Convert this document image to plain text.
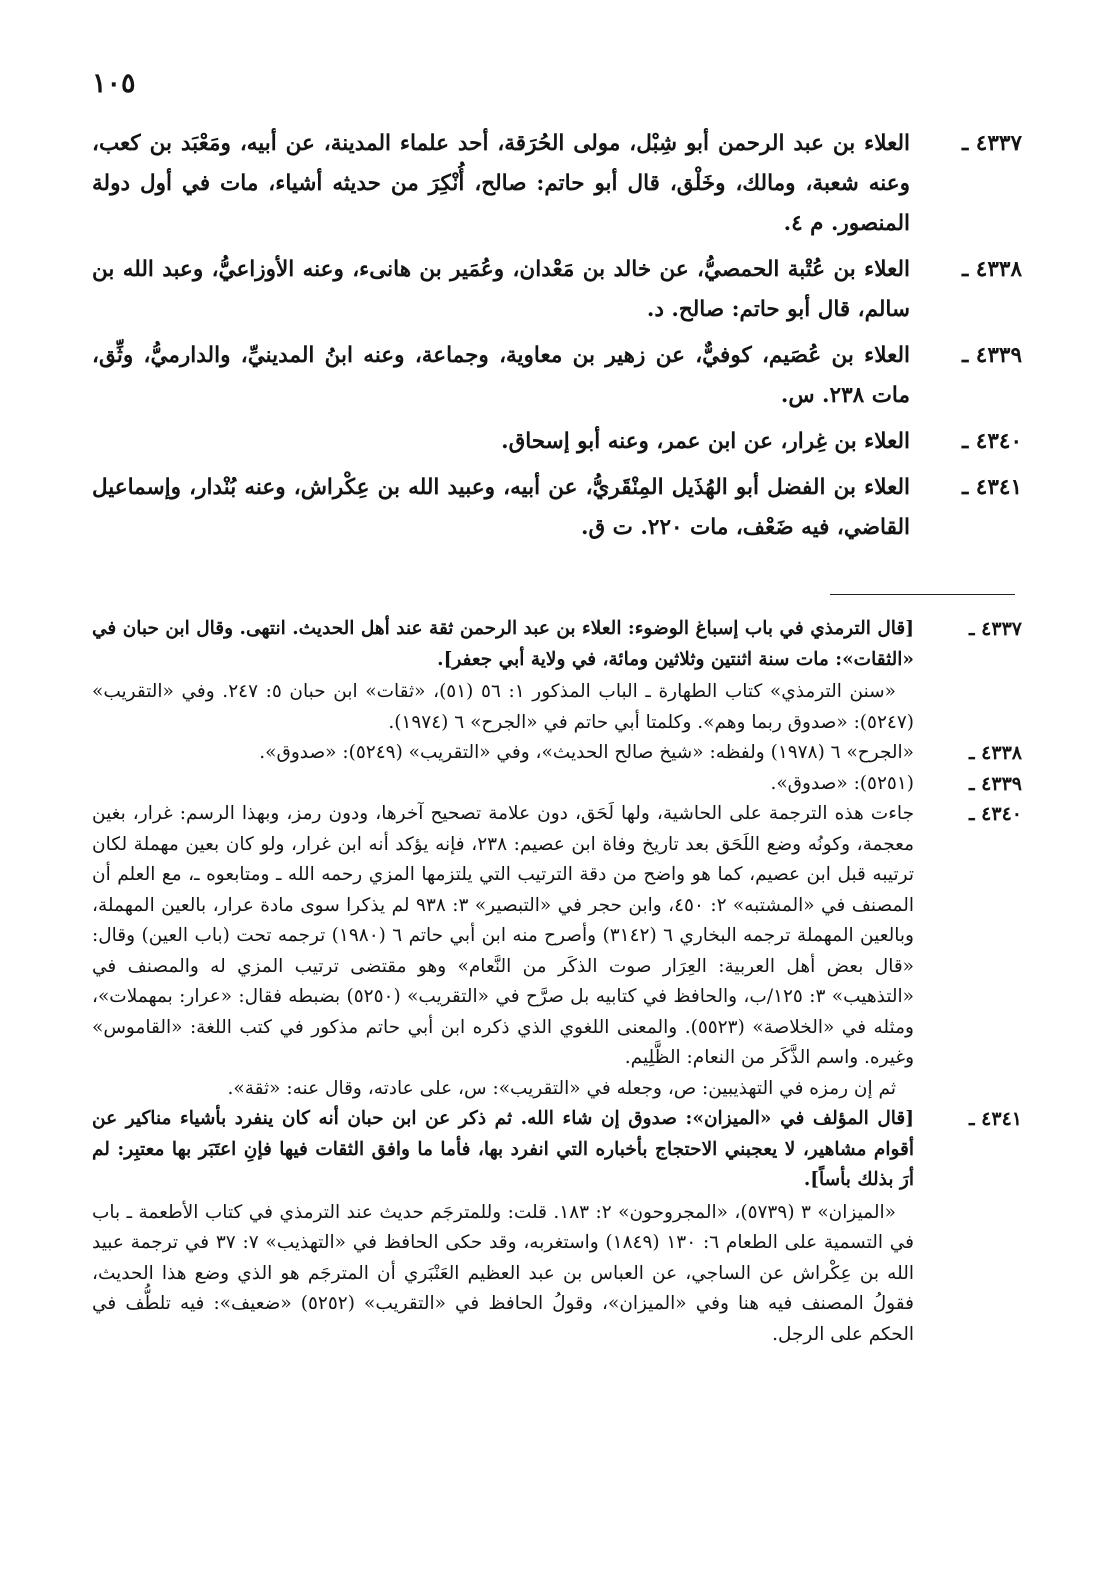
١٠٥
٤٣٣٧ ـ
العلاء بن عبد الرحمن أبو شِبْل، مولى الحُرَقة، أحد علماء المدينة، عن أبيه، ومَعْبَد بن كعب، وعنه شعبة، ومالك، وخَلْق، قال أبو حاتم: صالح، أُنْكِرَ من حديثه أشياء، مات في أول دولة المنصور. م ٤.
٤٣٣٨ ـ
العلاء بن عُتْبة الحمصيُّ، عن خالد بن مَعْدان، وعُمَير بن هانىء، وعنه الأوزاعيُّ، وعبد الله بن سالم، قال أبو حاتم: صالح. د.
٤٣٣٩ ـ
العلاء بن عُصَيم، كوفيٌّ، عن زهير بن معاوية، وجماعة، وعنه ابنُ المدينيِّ، والدارميُّ، وثِّق، مات ٢٣٨. س.
٤٣٤٠ ـ
العلاء بن غِرار، عن ابن عمر، وعنه أبو إسحاق.
٤٣٤١ ـ
العلاء بن الفضل أبو الهُذَيل المِنْقَريُّ، عن أبيه، وعبيد الله بن عِكْراش، وعنه بُنْدار، وإسماعيل القاضي، فيه ضَعْف، مات ٢٢٠. ت ق.
٤٣٣٧ ـ

[قال الترمذي في باب إسباغ الوضوء: العلاء بن عبد الرحمن ثقة عند أهل الحديث. انتهى. وقال ابن حبان في «الثقات»: مات سنة اثنتين وثلاثين ومائة، في ولاية أبي جعفر].

«سنن الترمذي» كتاب الطهارة ـ الباب المذكور ١: ٥٦ (٥١)، «ثقات» ابن حبان ٥: ٢٤٧. وفي «التقريب» (٥٢٤٧): «صدوق ربما وهم». وكلمتا أبي حاتم في «الجرح» ٦ (١٩٧٤).

٤٣٣٨ ـ

«الجرح» ٦ (١٩٧٨) ولفظه: «شيخ صالح الحديث»، وفي «التقريب» (٥٢٤٩): «صدوق».

٤٣٣٩ ـ

(٥٢٥١): «صدوق».

٤٣٤٠ ـ

جاءت هذه الترجمة على الحاشية، ولها لَحَق، دون علامة تصحيح آخرها، ودون رمز، وبهذا الرسم: غرار، بغين معجمة، وكونُه وضع اللَحَق بعد تاريخ وفاة ابن عصيم: ٢٣٨، فإنه يؤكد أنه ابن غرار، ولو كان بعين مهملة لكان ترتيبه قبل ابن عصيم، كما هو واضح من دقة الترتيب التي يلتزمها المزي رحمه الله ـ ومتابعوه ـ، مع العلم أن المصنف في «المشتبه» ٢: ٤٥٠، وابن حجر في «التبصير» ٣: ٩٣٨ لم يذكرا سوى مادة عرار، بالعين المهملة، وبالعين المهملة ترجمه البخاري ٦ (٣١٤٢) وأصرح منه ابن أبي حاتم ٦ (١٩٨٠) ترجمه تحت (باب العين) وقال: «قال بعض أهل العربية: العِرَار صوت الذكَر من النَّعام» وهو مقتضى ترتيب المزي له والمصنف في «التذهيب» ٣: ١٢٥/ب، والحافظ في كتابيه بل صرَّح في «التقريب» (٥٢٥٠) بضبطه فقال: «عرار: بمهملات»، ومثله في «الخلاصة» (٥٥٢٣). والمعنى اللغوي الذي ذكره ابن أبي حاتم مذكور في كتب اللغة: «القاموس» وغيره. واسم الذَّكَر من النعام: الظَّلِيم.

ثم إن رمزه في التهذيبين: ص، وجعله في «التقريب»: س، على عادته، وقال عنه: «ثقة».

٤٣٤١ ـ

[قال المؤلف في «الميزان»: صدوق إن شاء الله. ثم ذكر عن ابن حبان أنه كان ينفرد بأشياء مناكير عن أقوام مشاهير، لا يعجبني الاحتجاج بأخباره التي انفرد بها، فأما ما وافق الثقات فيها فإنِ اعتَبَر بها معتبِر: لم أرَ بذلك بأساً].

«الميزان» ٣ (٥٧٣٩)، «المجروحون» ٢: ١٨٣. قلت: وللمترجَم حديث عند الترمذي في كتاب الأطعمة ـ باب في التسمية على الطعام ٦: ١٣٠ (١٨٤٩) واستغربه، وقد حكى الحافظ في «التهذيب» ٧: ٣٧ في ترجمة عبيد الله بن عِكْراش عن الساجي، عن العباس بن عبد العظيم العَنْبَري أن المترجَم هو الذي وضع هذا الحديث، فقولُ المصنف فيه هنا وفي «الميزان»، وقولُ الحافظ في «التقريب» (٥٢٥٢) «ضعيف»: فيه تلطُّف في الحكم على الرجل.
